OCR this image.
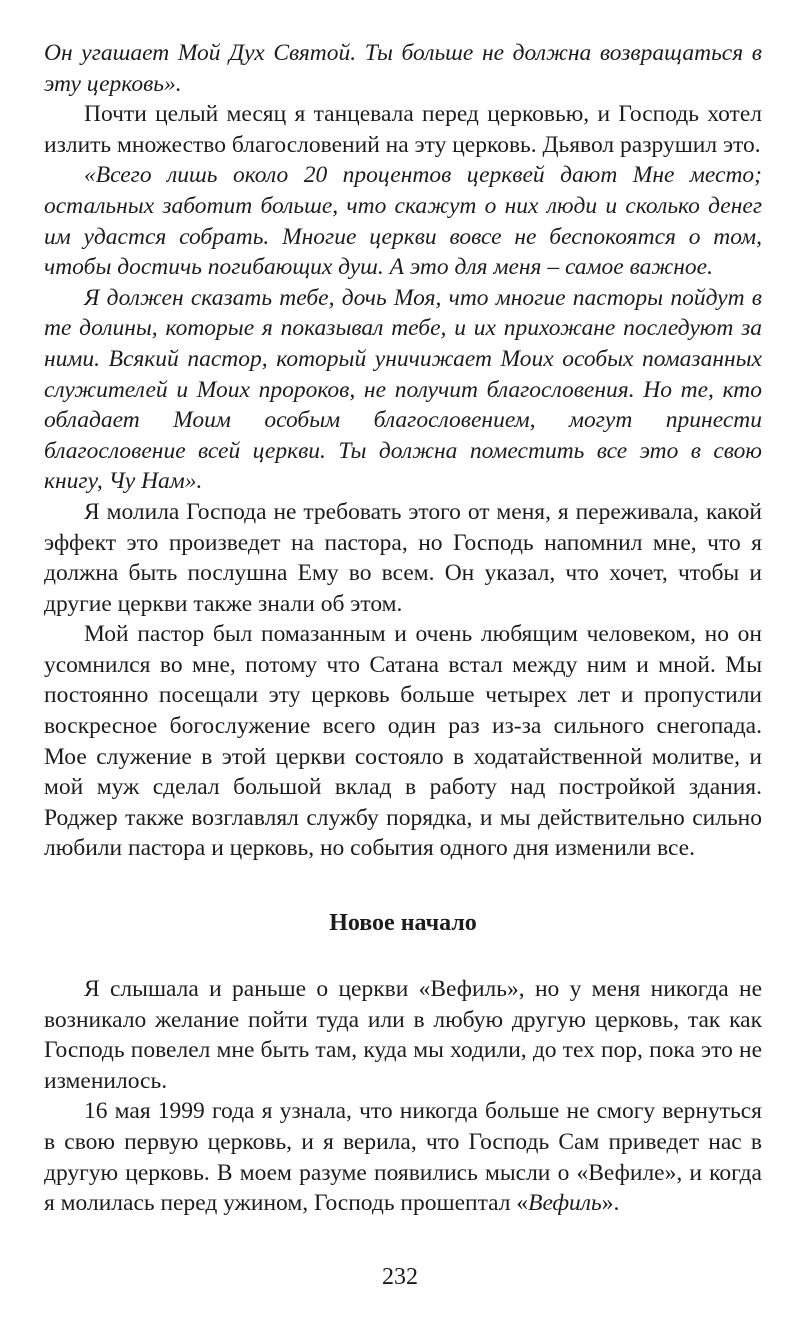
Он угашает Мой Дух Святой. Ты больше не должна возвращаться в эту церковь».

Почти целый месяц я танцевала перед церковью, и Господь хотел излить множество благословений на эту церковь. Дьявол разрушил это.

«Всего лишь около 20 процентов церквей дают Мне место; остальных заботит больше, что скажут о них люди и сколько денег им удастся собрать. Многие церкви вовсе не беспокоятся о том, чтобы достичь погибающих душ. А это для меня – самое важное.

Я должен сказать тебе, дочь Моя, что многие пасторы пойдут в те долины, которые я показывал тебе, и их прихожане последуют за ними. Всякий пастор, который уничижает Моих особых помазанных служителей и Моих пророков, не получит благословения. Но те, кто обладает Моим особым благословением, могут принести благословение всей церкви. Ты должна поместить все это в свою книгу, Чу Нам».

Я молила Господа не требовать этого от меня, я переживала, какой эффект это произведет на пастора, но Господь напомнил мне, что я должна быть послушна Ему во всем. Он указал, что хочет, чтобы и другие церкви также знали об этом.

Мой пастор был помазанным и очень любящим человеком, но он усомнился во мне, потому что Сатана встал между ним и мной. Мы постоянно посещали эту церковь больше четырех лет и пропустили воскресное богослужение всего один раз из-за сильного снегопада. Мое служение в этой церкви состояло в ходатайственной молитве, и мой муж сделал большой вклад в работу над постройкой здания. Роджер также возглавлял службу порядка, и мы действительно сильно любили пастора и церковь, но события одного дня изменили все.

Новое начало

Я слышала и раньше о церкви «Вефиль», но у меня никогда не возникало желание пойти туда или в любую другую церковь, так как Господь повелел мне быть там, куда мы ходили, до тех пор, пока это не изменилось.

16 мая 1999 года я узнала, что никогда больше не смогу вернуться в свою первую церковь, и я верила, что Господь Сам приведет нас в другую церковь. В моем разуме появились мысли о «Вефиле», и когда я молилась перед ужином, Господь прошептал «Вефиль».

232
